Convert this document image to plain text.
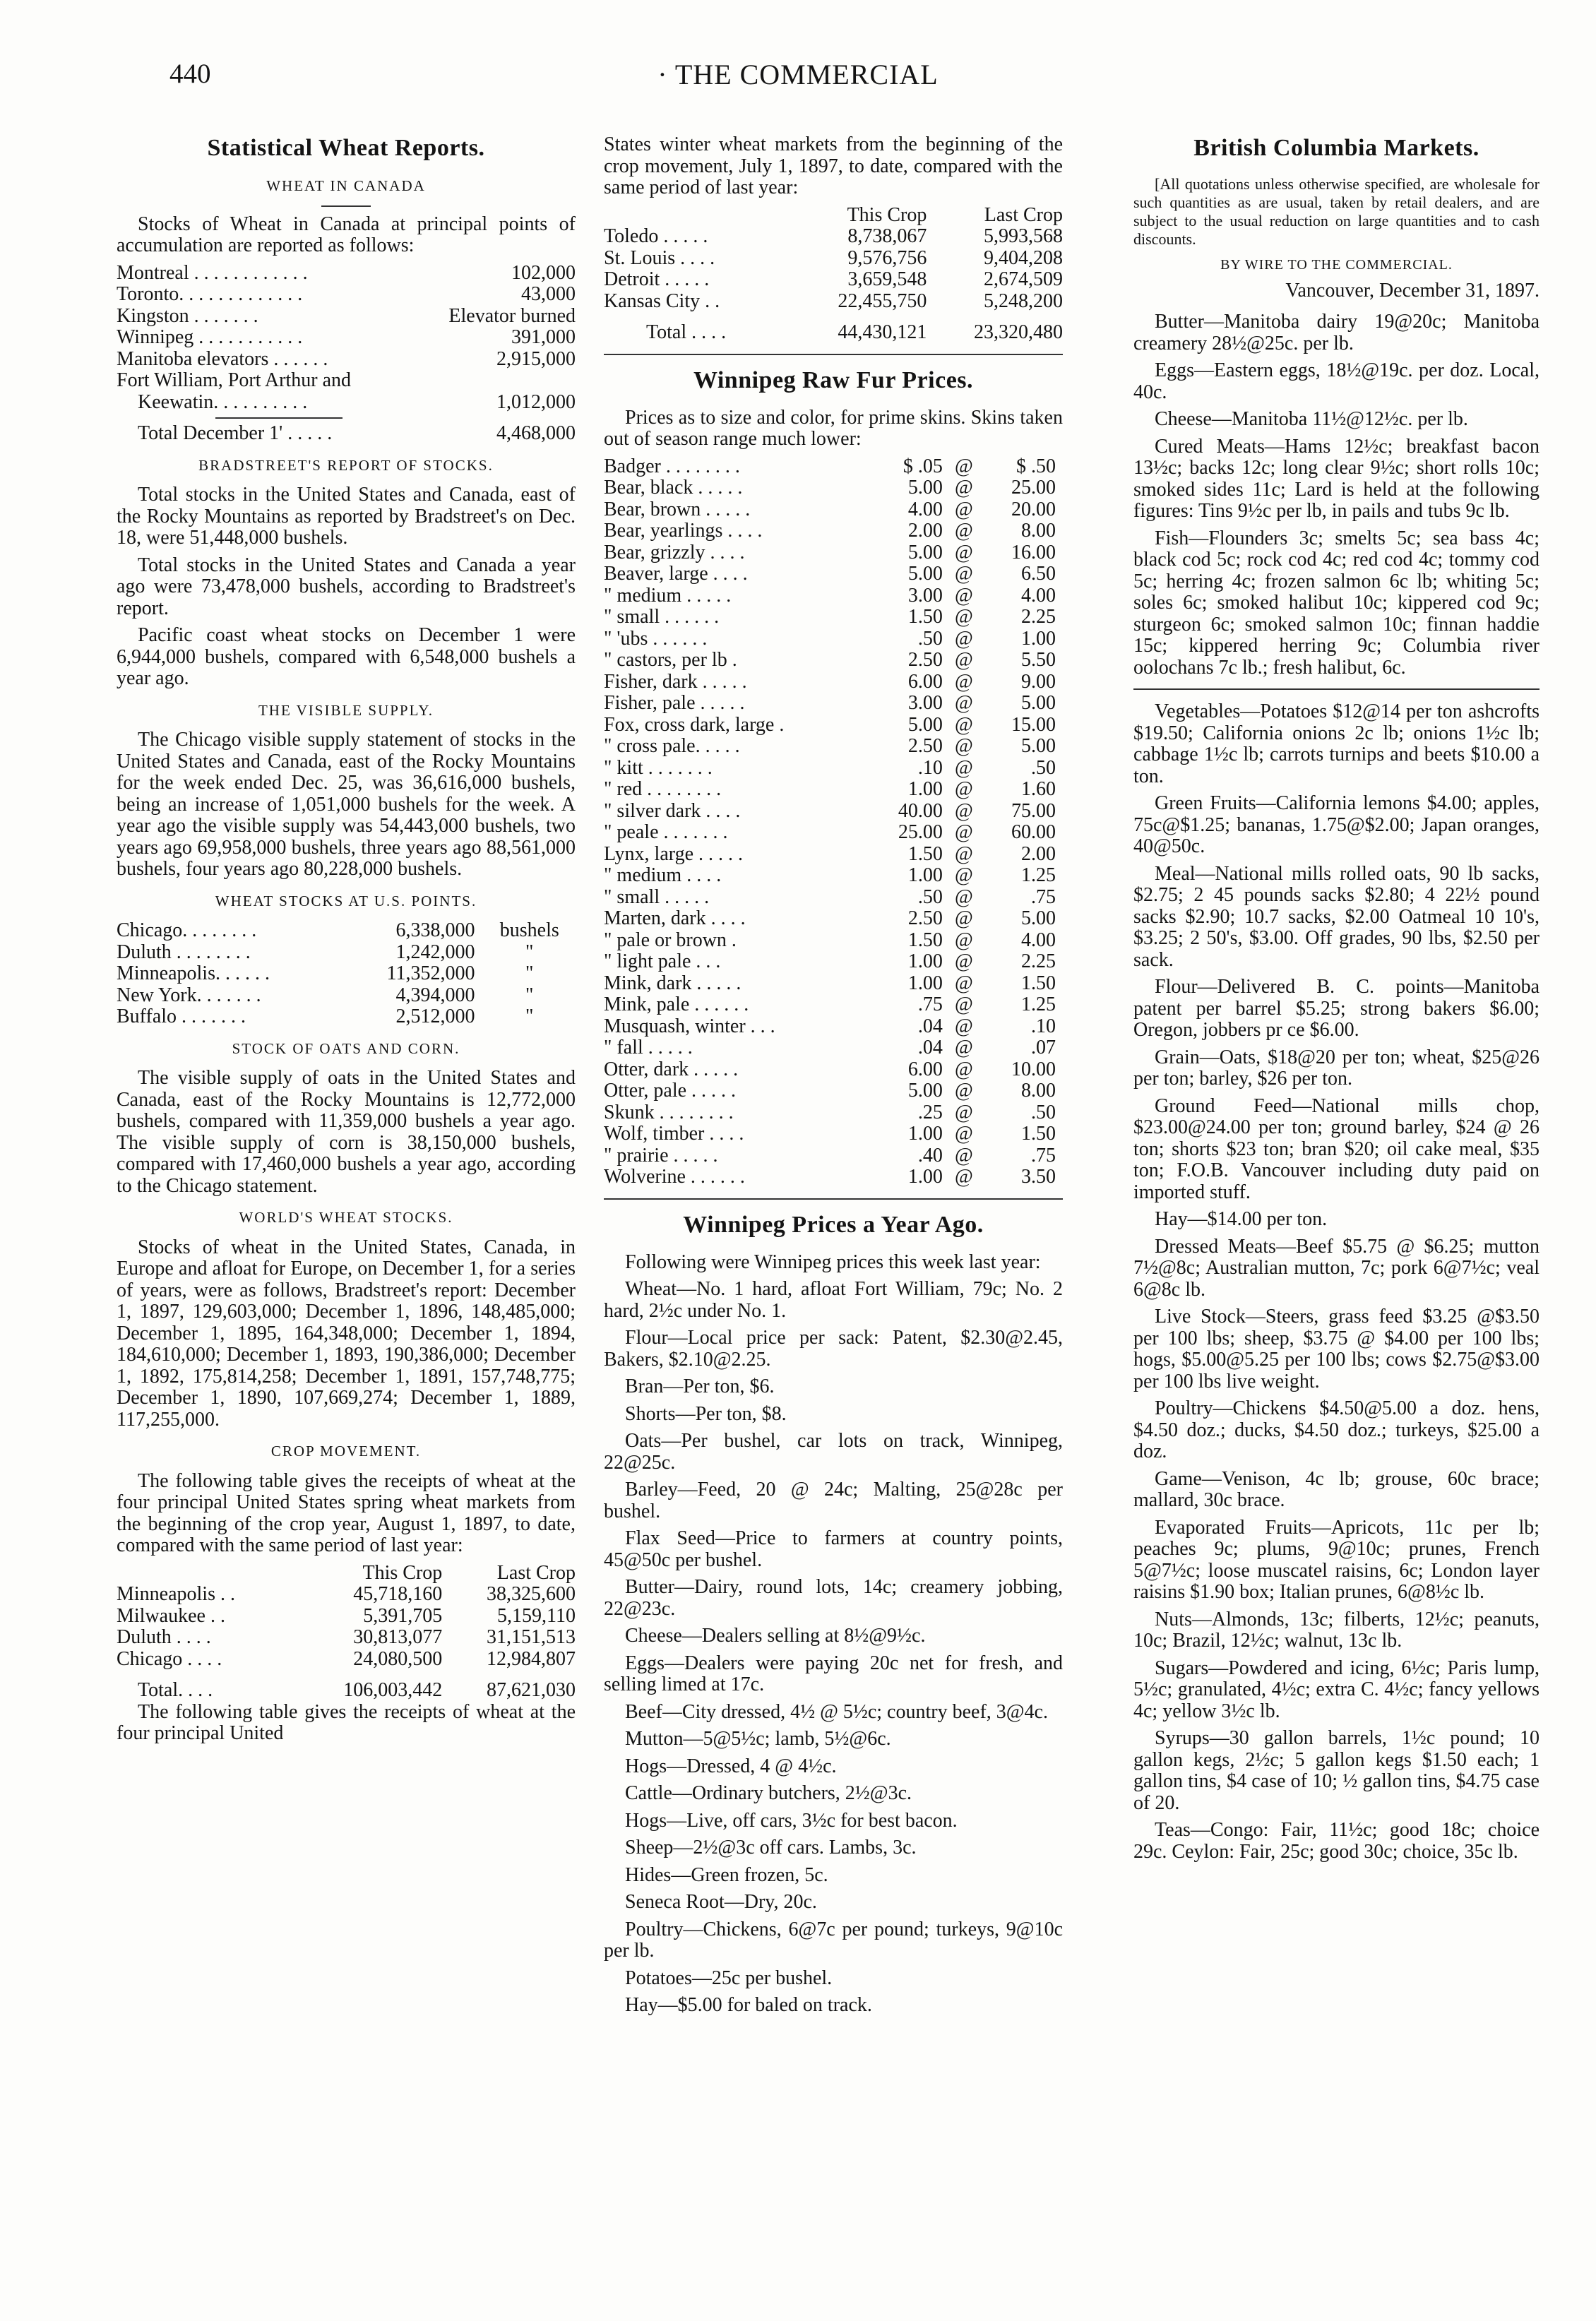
440	· THE COMMERCIAL
Statistical Wheat Reports.
WHEAT IN CANADA

Stocks of Wheat in Canada at principal points of accumulation are reported as follows:

Montreal . . . . . . . . . . . .	102,000
Toronto. . . . . . . . . . . . .	43,000
Kingston . . . . . . .	Elevator burned
Winnipeg . . . . . . . . . . .	391,000
Manitoba elevators . . . . . .	2,915,000
Fort William, Port Arthur and	
Keewatin. . . . . . . . . .	1,012,000
Total December 1' . . . . .	4,468,000
BRADSTREET'S REPORT OF STOCKS.

Total stocks in the United States and Canada, east of the Rocky Mountains as reported by Bradstreet's on Dec. 18, were 51,448,000 bushels.

Total stocks in the United States and Canada a year ago were 73,478,000 bushels, according to Bradstreet's report.

Pacific coast wheat stocks on December 1 were 6,944,000 bushels, compared with 6,548,000 bushels a year ago.

THE VISIBLE SUPPLY.

The Chicago visible supply statement of stocks in the United States and Canada, east of the Rocky Mountains for the week ended Dec. 25, was 36,616,000 bushels, being an increase of 1,051,000 bushels for the week. A year ago the visible supply was 54,443,000 bushels, two years ago 69,958,000 bushels, three years ago 88,561,000 bushels, four years ago 80,228,000 bushels.

WHEAT STOCKS AT U.S. POINTS.
Chicago. . . . . . . .	6,338,000	bushels
Duluth . . . . . . . .	1,242,000	"
Minneapolis. . . . . .	11,352,000	"
New York. . . . . . .	4,394,000	"
Buffalo . . . . . . .	2,512,000	"
STOCK OF OATS AND CORN.

The visible supply of oats in the United States and Canada, east of the Rocky Mountains is 12,772,000 bushels, compared with 11,359,000 bushels a year ago. The visible supply of corn is 38,150,000 bushels, compared with 17,460,000 bushels a year ago, according to the Chicago statement.

WORLD'S WHEAT STOCKS.

Stocks of wheat in the United States, Canada, in Europe and afloat for Europe, on December 1, for a series of years, were as follows, Bradstreet's report: December 1, 1897, 129,603,000; December 1, 1896, 148,485,000; December 1, 1895, 164,348,000; December 1, 1894, 184,610,000; December 1, 1893, 190,386,000; December 1, 1892, 175,814,258; December 1, 1891, 157,748,775; December 1, 1890, 107,669,274; December 1, 1889, 117,255,000.

CROP MOVEMENT.

The following table gives the receipts of wheat at the four principal United States spring wheat markets from the beginning of the crop year, August 1, 1897, to date, compared with the same period of last year:

	This Crop	Last Crop
Minneapolis . .	45,718,160	38,325,600
Milwaukee . .	5,391,705	5,159,110
Duluth . . . .	30,813,077	31,151,513
Chicago . . . .	24,080,500	12,984,807
Total. . . .	106,003,442	87,621,030

The following table gives the receipts of wheat at the four principal United

States winter wheat markets from the beginning of the crop movement, July 1, 1897, to date, compared with the same period of last year:

	This Crop	Last Crop
Toledo . . . . .	8,738,067	5,993,568
St. Louis . . . .	9,576,756	9,404,208
Detroit . . . . .	3,659,548	2,674,509
Kansas City . .	22,455,750	5,248,200
Total . . . .	44,430,121	23,320,480
Winnipeg Raw Fur Prices.

Prices as to size and color, for prime skins. Skins taken out of season range much lower:

Badger . . . . . . . .	$ .05	@	$ .50
Bear, black . . . . .	5.00	@	25.00
Bear, brown . . . . .	4.00	@	20.00
Bear, yearlings . . . .	2.00	@	8.00
Bear, grizzly . . . .	5.00	@	16.00
Beaver, large . . . .	5.00	@	6.50
" medium . . . . .	3.00	@	4.00
" small . . . . . .	1.50	@	2.25
" 'ubs . . . . . .	.50	@	1.00
" castors, per lb .	2.50	@	5.50
Fisher, dark . . . . .	6.00	@	9.00
Fisher, pale . . . . .	3.00	@	5.00
Fox, cross dark, large .	5.00	@	15.00
" cross pale. . . . .	2.50	@	5.00
" kitt . . . . . . .	.10	@	.50
" red . . . . . . . .	1.00	@	1.60
" silver dark . . . .	40.00	@	75.00
" peale . . . . . . .	25.00	@	60.00
Lynx, large . . . . .	1.50	@	2.00
" medium . . . .	1.00	@	1.25
" small . . . . .	.50	@	.75
Marten, dark . . . .	2.50	@	5.00
" pale or brown .	1.50	@	4.00
" light pale . . .	1.00	@	2.25
Mink, dark . . . . .	1.00	@	1.50
Mink, pale . . . . . .	.75	@	1.25
Musquash, winter . . .	.04	@	.10
" fall . . . . .	.04	@	.07
Otter, dark . . . . .	6.00	@	10.00
Otter, pale . . . . .	5.00	@	8.00
Skunk . . . . . . . .	.25	@	.50
Wolf, timber . . . .	1.00	@	1.50
" prairie . . . . .	.40	@	.75
Wolverine . . . . . .	1.00	@	3.50
Winnipeg Prices a Year Ago.

Following were Winnipeg prices this week last year:

Wheat—No. 1 hard, afloat Fort William, 79c; No. 2 hard, 2½c under No. 1.

Flour—Local price per sack: Patent, $2.30@2.45, Bakers, $2.10@2.25.

Bran—Per ton, $6.

Shorts—Per ton, $8.

Oats—Per bushel, car lots on track, Winnipeg, 22@25c.

Barley—Feed, 20 @ 24c; Malting, 25@28c per bushel.

Flax Seed—Price to farmers at country points, 45@50c per bushel.

Butter—Dairy, round lots, 14c; creamery jobbing, 22@23c.

Cheese—Dealers selling at 8½@9½c.

Eggs—Dealers were paying 20c net for fresh, and selling limed at 17c.

Beef—City dressed, 4½ @ 5½c; country beef, 3@4c.

Mutton—5@5½c; lamb, 5½@6c.

Hogs—Dressed, 4 @ 4½c.

Cattle—Ordinary butchers, 2½@3c.

Hogs—Live, off cars, 3½c for best bacon.

Sheep—2½@3c off cars. Lambs, 3c.

Hides—Green frozen, 5c.

Seneca Root—Dry, 20c.

Poultry—Chickens, 6@7c per pound; turkeys, 9@10c per lb.

Potatoes—25c per bushel.

Hay—$5.00 for baled on track.

British Columbia Markets.

[All quotations unless otherwise specified, are wholesale for such quantities as are usual, taken by retail dealers, and are subject to the usual reduction on large quantities and to cash discounts.

BY WIRE TO THE COMMERCIAL.
Vancouver, December 31, 1897.

Butter—Manitoba dairy 19@20c; Manitoba creamery 28½@25c. per lb.

Eggs—Eastern eggs, 18½@19c. per doz. Local, 40c.

Cheese—Manitoba 11½@12½c. per lb.

Cured Meats—Hams 12½c; breakfast bacon 13½c; backs 12c; long clear 9½c; short rolls 10c; smoked sides 11c; Lard is held at the following figures: Tins 9½c per lb, in pails and tubs 9c lb.

Fish—Flounders 3c; smelts 5c; sea bass 4c; black cod 5c; rock cod 4c; red cod 4c; tommy cod 5c; herring 4c; frozen salmon 6c lb; whiting 5c; soles 6c; smoked halibut 10c; kippered cod 9c; sturgeon 6c; smoked salmon 10c; finnan haddie 15c; kippered herring 9c; Columbia river oolochans 7c lb.; fresh halibut, 6c.

Vegetables—Potatoes $12@14 per ton ashcrofts $19.50; California onions 2c lb; onions 1½c lb; cabbage 1½c lb; carrots turnips and beets $10.00 a ton.

Green Fruits—California lemons $4.00; apples, 75c@$1.25; bananas, 1.75@$2.00; Japan oranges, 40@50c.

Meal—National mills rolled oats, 90 lb sacks, $2.75; 2 45 pounds sacks $2.80; 4 22½ pound sacks $2.90; 10.7 sacks, $2.00 Oatmeal 10 10's, $3.25; 2 50's, $3.00. Off grades, 90 lbs, $2.50 per sack.

Flour—Delivered B. C. points—Manitoba patent per barrel $5.25; strong bakers $6.00; Oregon, jobbers pr ce $6.00.

Grain—Oats, $18@20 per ton; wheat, $25@26 per ton; barley, $26 per ton.

Ground Feed—National mills chop, $23.00@24.00 per ton; ground barley, $24 @ 26 ton; shorts $23 ton; bran $20; oil cake meal, $35 ton; F.O.B. Vancouver including duty paid on imported stuff.

Hay—$14.00 per ton.

Dressed Meats—Beef $5.75 @ $6.25; mutton 7½@8c; Australian mutton, 7c; pork 6@7½c; veal 6@8c lb.

Live Stock—Steers, grass feed $3.25 @$3.50 per 100 lbs; sheep, $3.75 @ $4.00 per 100 lbs; hogs, $5.00@5.25 per 100 lbs; cows $2.75@$3.00 per 100 lbs live weight.

Poultry—Chickens $4.50@5.00 a doz. hens, $4.50 doz.; ducks, $4.50 doz.; turkeys, $25.00 a doz.

Game—Venison, 4c lb; grouse, 60c brace; mallard, 30c brace.

Evaporated Fruits—Apricots, 11c per lb; peaches 9c; plums, 9@10c; prunes, French 5@7½c; loose muscatel raisins, 6c; London layer raisins $1.90 box; Italian prunes, 6@8½c lb.

Nuts—Almonds, 13c; filberts, 12½c; peanuts, 10c; Brazil, 12½c; walnut, 13c lb.

Sugars—Powdered and icing, 6½c; Paris lump, 5½c; granulated, 4½c; extra C. 4½c; fancy yellows 4c; yellow 3½c lb.

Syrups—30 gallon barrels, 1½c pound; 10 gallon kegs, 2½c; 5 gallon kegs $1.50 each; 1 gallon tins, $4 case of 10; ½ gallon tins, $4.75 case of 20.

Teas—Congo: Fair, 11½c; good 18c; choice 29c. Ceylon: Fair, 25c; good 30c; choice, 35c lb.
